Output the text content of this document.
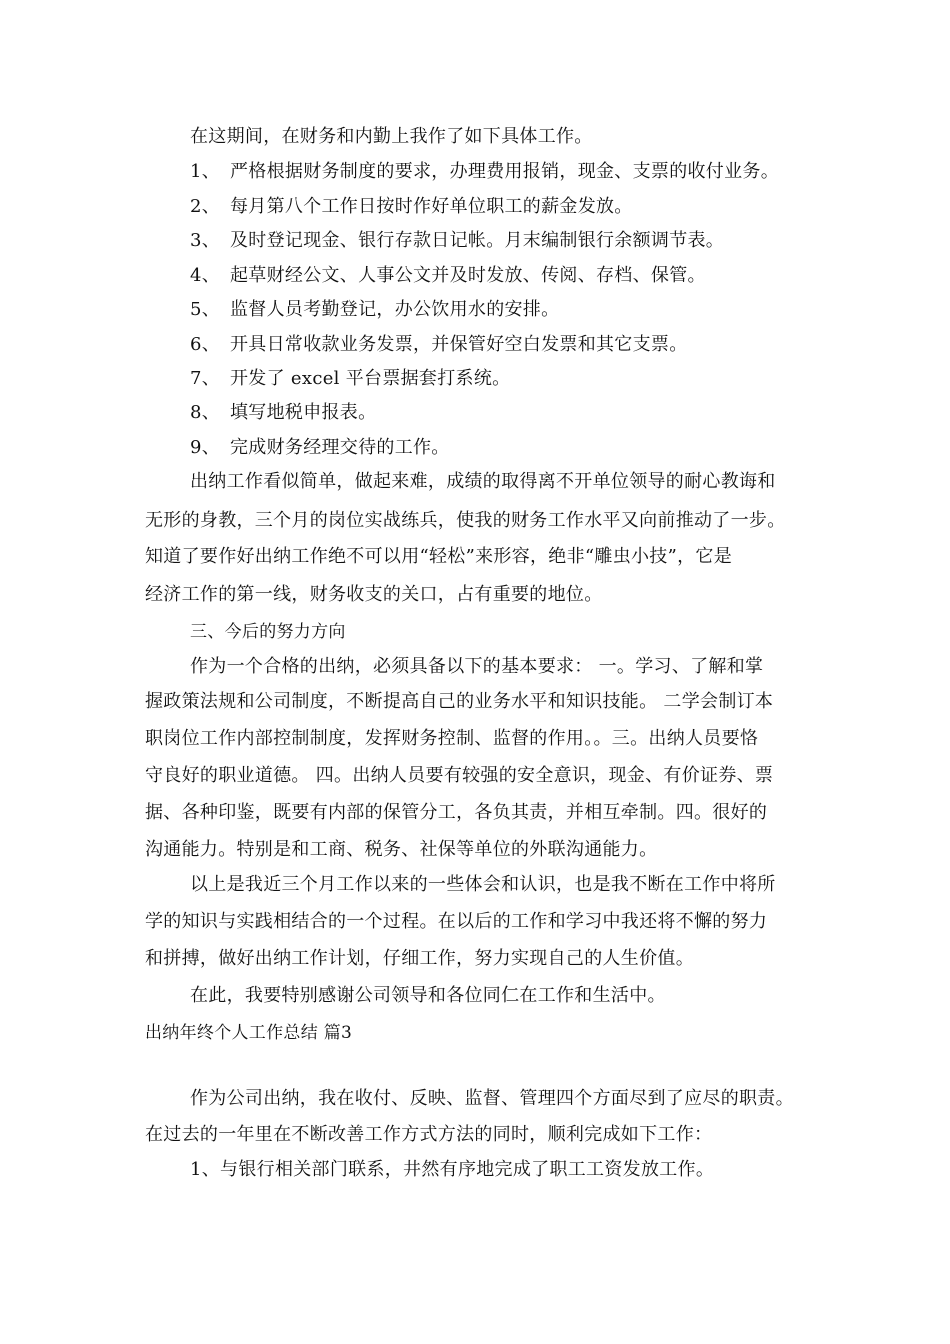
在这期间，在财务和内勤上我作了如下具体工作。
1、 严格根据财务制度的要求，办理费用报销，现金、支票的收付业务。
2、 每月第八个工作日按时作好单位职工的薪金发放。
3、 及时登记现金、银行存款日记帐。月末编制银行余额调节表。
4、 起草财经公文、人事公文并及时发放、传阅、存档、保管。
5、 监督人员考勤登记，办公饮用水的安排。
6、 开具日常收款业务发票，并保管好空白发票和其它支票。
7、 开发了 excel 平台票据套打系统。
8、 填写地税申报表。
9、 完成财务经理交待的工作。
出纳工作看似简单，做起来难，成绩的取得离不开单位领导的耐心教诲和
无形的身教，三个月的岗位实战练兵，使我的财务工作水平又向前推动了一步。
知道了要作好出纳工作绝不可以用“轻松”来形容，绝非“雕虫小技”，它是
经济工作的第一线，财务收支的关口，占有重要的地位。
三、今后的努力方向
作为一个合格的出纳，必须具备以下的基本要求： 一。学习、了解和掌
握政策法规和公司制度，不断提高自己的业务水平和知识技能。 二学会制订本
职岗位工作内部控制制度，发挥财务控制、监督的作用。。三。出纳人员要恪
守良好的职业道德。 四。出纳人员要有较强的安全意识，现金、有价证券、票
据、各种印鉴，既要有内部的保管分工，各负其责，并相互牵制。四。很好的
沟通能力。特别是和工商、税务、社保等单位的外联沟通能力。
以上是我近三个月工作以来的一些体会和认识，也是我不断在工作中将所
学的知识与实践相结合的一个过程。在以后的工作和学习中我还将不懈的努力
和拼搏，做好出纳工作计划，仔细工作，努力实现自己的人生价值。
在此，我要特别感谢公司领导和各位同仁在工作和生活中。
出纳年终个人工作总结 篇3
作为公司出纳，我在收付、反映、监督、管理四个方面尽到了应尽的职责。
在过去的一年里在不断改善工作方式方法的同时，顺利完成如下工作：
1、与银行相关部门联系，井然有序地完成了职工工资发放工作。
